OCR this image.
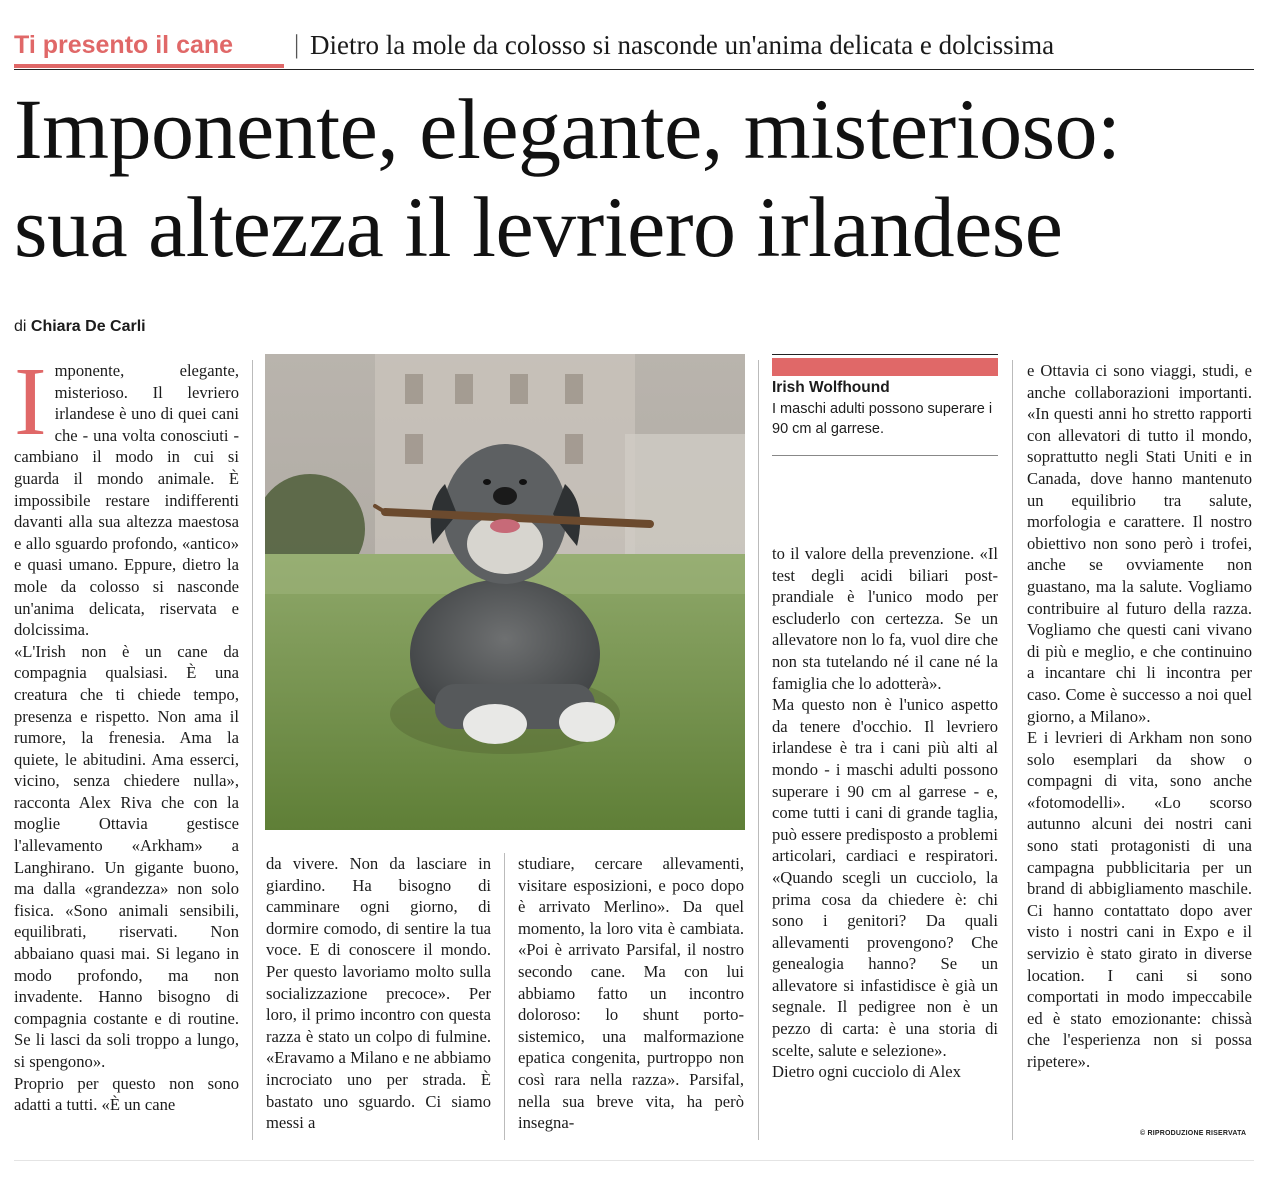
Ti presento il cane | Dietro la mole da colosso si nasconde un'anima delicata e dolcissima
Imponente, elegante, misterioso:
sua altezza il levriero irlandese
di Chiara De Carli
I mponente, elegante, misterioso. Il levriero irlandese è uno di quei cani che - una volta conosciuti - cambiano il modo in cui si guarda il mondo animale. È impossibile restare indifferenti davanti alla sua altezza maestosa e allo sguardo profondo, «antico» e quasi umano. Eppure, dietro la mole da colosso si nasconde un'anima delicata, riservata e dolcissima.

«L'Irish non è un cane da compagnia qualsiasi. È una creatura che ti chiede tempo, presenza e rispetto. Non ama il rumore, la frenesia. Ama la quiete, le abitudini. Ama esserci, vicino, senza chiedere nulla», racconta Alex Riva che con la moglie Ottavia gestisce l'allevamento «Arkham» a Langhirano. Un gigante buono, ma dalla «grandezza» non solo fisica. «Sono animali sensibili, equilibrati, riservati. Non abbaiano quasi mai. Si legano in modo profondo, ma non invadente. Hanno bisogno di compagnia costante e di routine. Se li lasci da soli troppo a lungo, si spengono».

Proprio per questo non sono adatti a tutti. «È un cane

Irish Wolfhound
I maschi adulti possono superare i 90 cm al garrese.

da vivere. Non da lasciare in giardino. Ha bisogno di camminare ogni giorno, di dormire comodo, di sentire la tua voce. E di conoscere il mondo. Per questo lavoriamo molto sulla socializzazione precoce». Per loro, il primo incontro con questa razza è stato un colpo di fulmine. «Eravamo a Milano e ne abbiamo incrociato uno per strada. È bastato uno sguardo. Ci siamo messi a

studiare, cercare allevamenti, visitare esposizioni, e poco dopo è arrivato Merlino». Da quel momento, la loro vita è cambiata. «Poi è arrivato Parsifal, il nostro secondo cane. Ma con lui abbiamo fatto un incontro doloroso: lo shunt porto-sistemico, una malformazione epatica congenita, purtroppo non così rara nella razza». Parsifal, nella sua breve vita, ha però insegna-

to il valore della prevenzione. «Il test degli acidi biliari post-prandiale è l'unico modo per escluderlo con certezza. Se un allevatore non lo fa, vuol dire che non sta tutelando né il cane né la famiglia che lo adotterà».

Ma questo non è l'unico aspetto da tenere d'occhio. Il levriero irlandese è tra i cani più alti al mondo - i maschi adulti possono superare i 90 cm al garrese - e, come tutti i cani di grande taglia, può essere predisposto a problemi articolari, cardiaci e respiratori. «Quando scegli un cucciolo, la prima cosa da chiedere è: chi sono i genitori? Da quali allevamenti provengono? Che genealogia hanno? Se un allevatore si infastidisce è già un segnale. Il pedigree non è un pezzo di carta: è una storia di scelte, salute e selezione».

Dietro ogni cucciolo di Alex

e Ottavia ci sono viaggi, studi, e anche collaborazioni importanti. «In questi anni ho stretto rapporti con allevatori di tutto il mondo, soprattutto negli Stati Uniti e in Canada, dove hanno mantenuto un equilibrio tra salute, morfologia e carattere. Il nostro obiettivo non sono però i trofei, anche se ovviamente non guastano, ma la salute. Vogliamo contribuire al futuro della razza. Vogliamo che questi cani vivano di più e meglio, e che continuino a incantare chi li incontra per caso. Come è successo a noi quel giorno, a Milano».

E i levrieri di Arkham non sono solo esemplari da show o compagni di vita, sono anche «fotomodelli». «Lo scorso autunno alcuni dei nostri cani sono stati protagonisti di una campagna pubblicitaria per un brand di abbigliamento maschile. Ci hanno contattato dopo aver visto i nostri cani in Expo e il servizio è stato girato in diverse location. I cani si sono comportati in modo impeccabile ed è stato emozionante: chissà che l'esperienza non si possa ripetere».

© RIPRODUZIONE RISERVATA
